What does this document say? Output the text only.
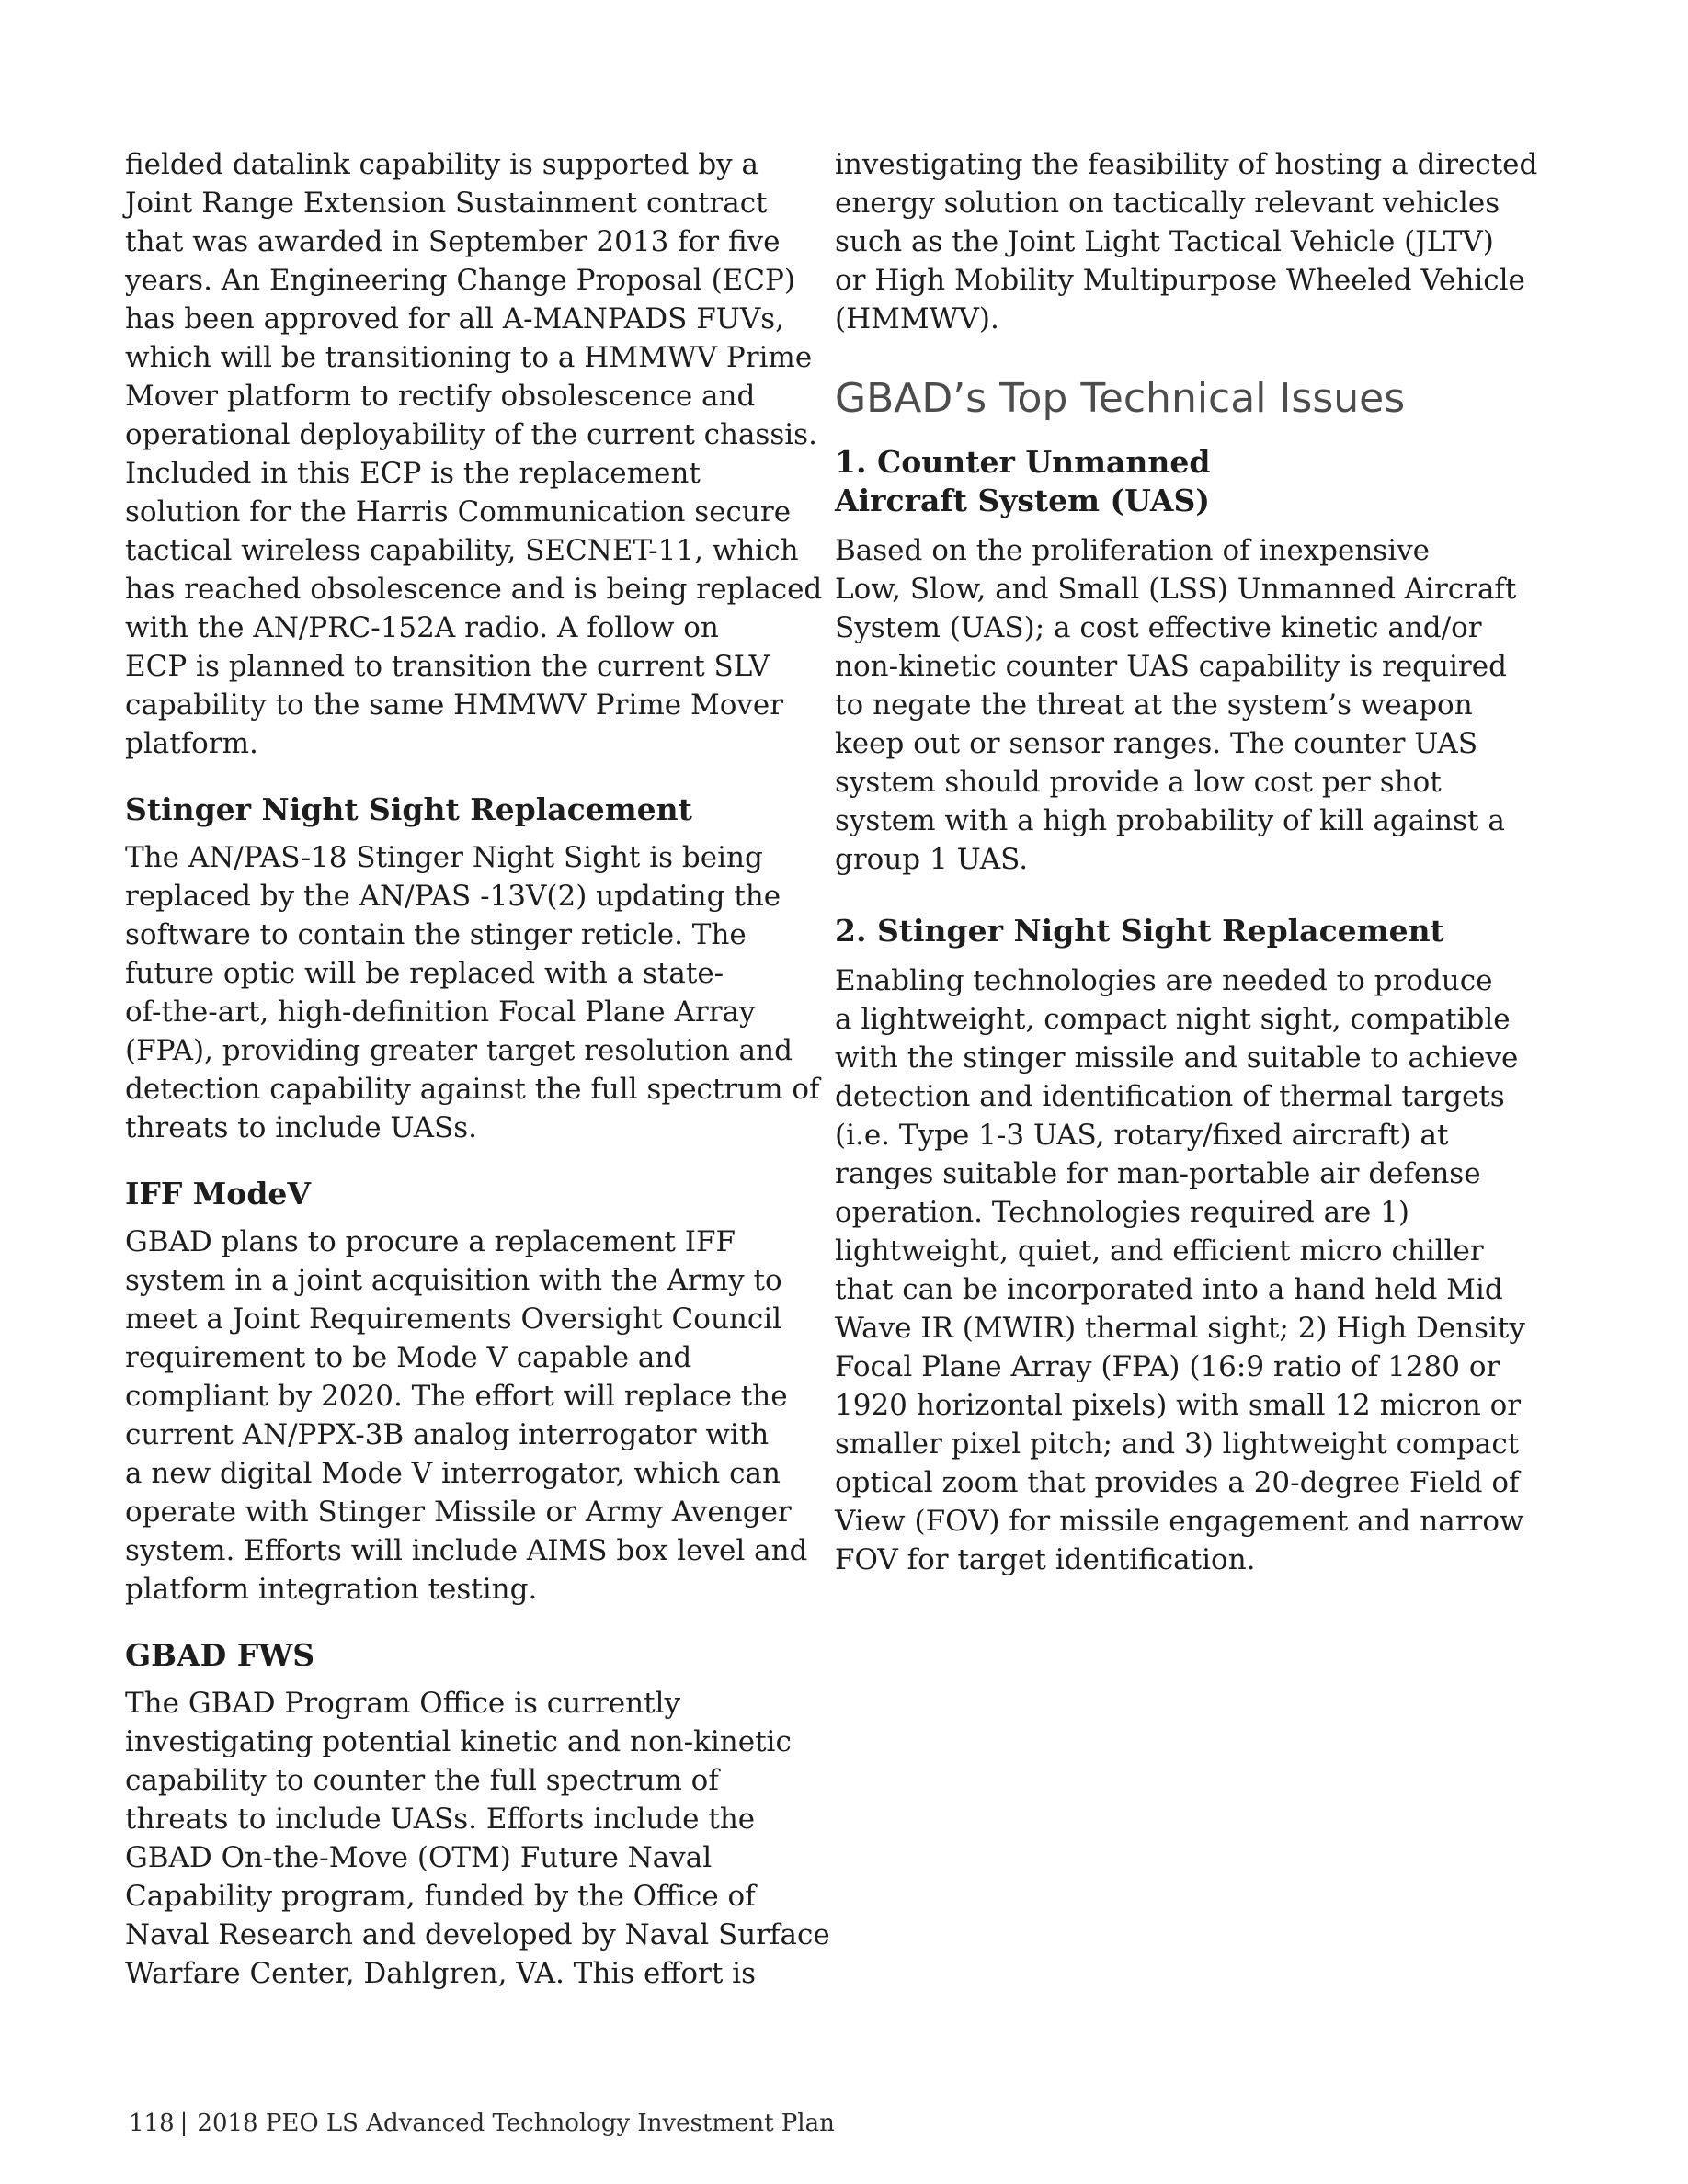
fielded datalink capability is supported by a
Joint Range Extension Sustainment contract
that was awarded in September 2013 for five
years. An Engineering Change Proposal (ECP)
has been approved for all A-MANPADS FUVs,
which will be transitioning to a HMMWV Prime
Mover platform to rectify obsolescence and
operational deployability of the current chassis.
Included in this ECP is the replacement
solution for the Harris Communication secure
tactical wireless capability, SECNET-11, which
has reached obsolescence and is being replaced
with the AN/PRC-152A radio. A follow on
ECP is planned to transition the current SLV
capability to the same HMMWV Prime Mover
platform.

Stinger Night Sight Replacement

The AN/PAS-18 Stinger Night Sight is being
replaced by the AN/PAS -13V(2) updating the
software to contain the stinger reticle. The
future optic will be replaced with a state-
of-the-art, high-definition Focal Plane Array
(FPA), providing greater target resolution and
detection capability against the full spectrum of
threats to include UASs.

IFF ModeV

GBAD plans to procure a replacement IFF
system in a joint acquisition with the Army to
meet a Joint Requirements Oversight Council
requirement to be Mode V capable and
compliant by 2020. The effort will replace the
current AN/PPX-3B analog interrogator with
a new digital Mode V interrogator, which can
operate with Stinger Missile or Army Avenger
system. Efforts will include AIMS box level and
platform integration testing.

GBAD FWS

The GBAD Program Office is currently
investigating potential kinetic and non-kinetic
capability to counter the full spectrum of
threats to include UASs. Efforts include the
GBAD On-the-Move (OTM) Future Naval
Capability program, funded by the Office of
Naval Research and developed by Naval Surface
Warfare Center, Dahlgren, VA. This effort is

investigating the feasibility of hosting a directed
energy solution on tactically relevant vehicles
such as the Joint Light Tactical Vehicle (JLTV)
or High Mobility Multipurpose Wheeled Vehicle
(HMMWV).

GBAD’s Top Technical Issues
1. Counter Unmanned
Aircraft System (UAS)

Based on the proliferation of inexpensive
Low, Slow, and Small (LSS) Unmanned Aircraft
System (UAS); a cost effective kinetic and/or
non-kinetic counter UAS capability is required
to negate the threat at the system’s weapon
keep out or sensor ranges. The counter UAS
system should provide a low cost per shot
system with a high probability of kill against a
group 1 UAS.

2. Stinger Night Sight Replacement

Enabling technologies are needed to produce
a lightweight, compact night sight, compatible
with the stinger missile and suitable to achieve
detection and identification of thermal targets
(i.e. Type 1-3 UAS, rotary/fixed aircraft) at
ranges suitable for man-portable air defense
operation. Technologies required are 1)
lightweight, quiet, and efficient micro chiller
that can be incorporated into a hand held Mid
Wave IR (MWIR) thermal sight; 2) High Density
Focal Plane Array (FPA) (16:9 ratio of 1280 or
1920 horizontal pixels) with small 12 micron or
smaller pixel pitch; and 3) lightweight compact
optical zoom that provides a 20-degree Field of
View (FOV) for missile engagement and narrow
FOV for target identification.

118 | 2018 PEO LS Advanced Technology Investment Plan
